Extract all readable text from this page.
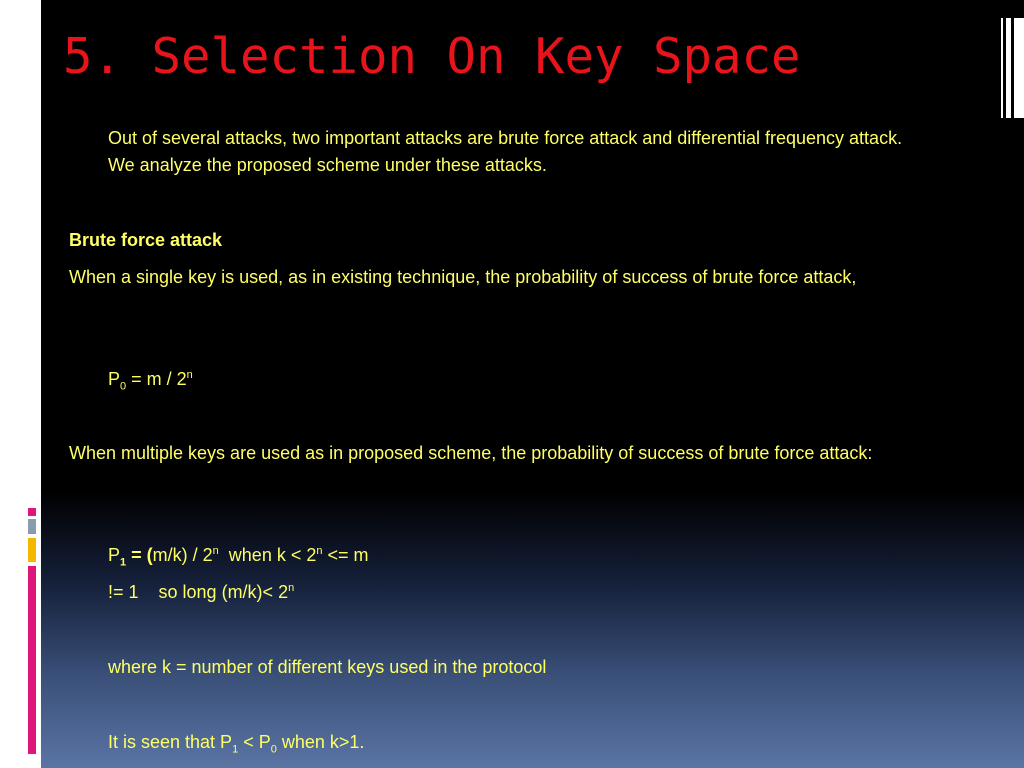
5. Selection On Key Space

Out of several attacks, two important attacks are brute force attack and differential frequency attack. We analyze the proposed scheme under these attacks.

Brute force attack

When a single key is used, as in existing technique, the probability of success of brute force attack,

$P_0 = m / 2^n$

When multiple keys are used as in proposed scheme, the probability of success of brute force attack:

$P_1 = (m/k) / 2^n$  when $k < 2^n <= m$

!= 1    so long $(m/k)< 2^n$

where k = number of different keys used in the protocol

It is seen that $P_1 < P_0$ when k>1.
